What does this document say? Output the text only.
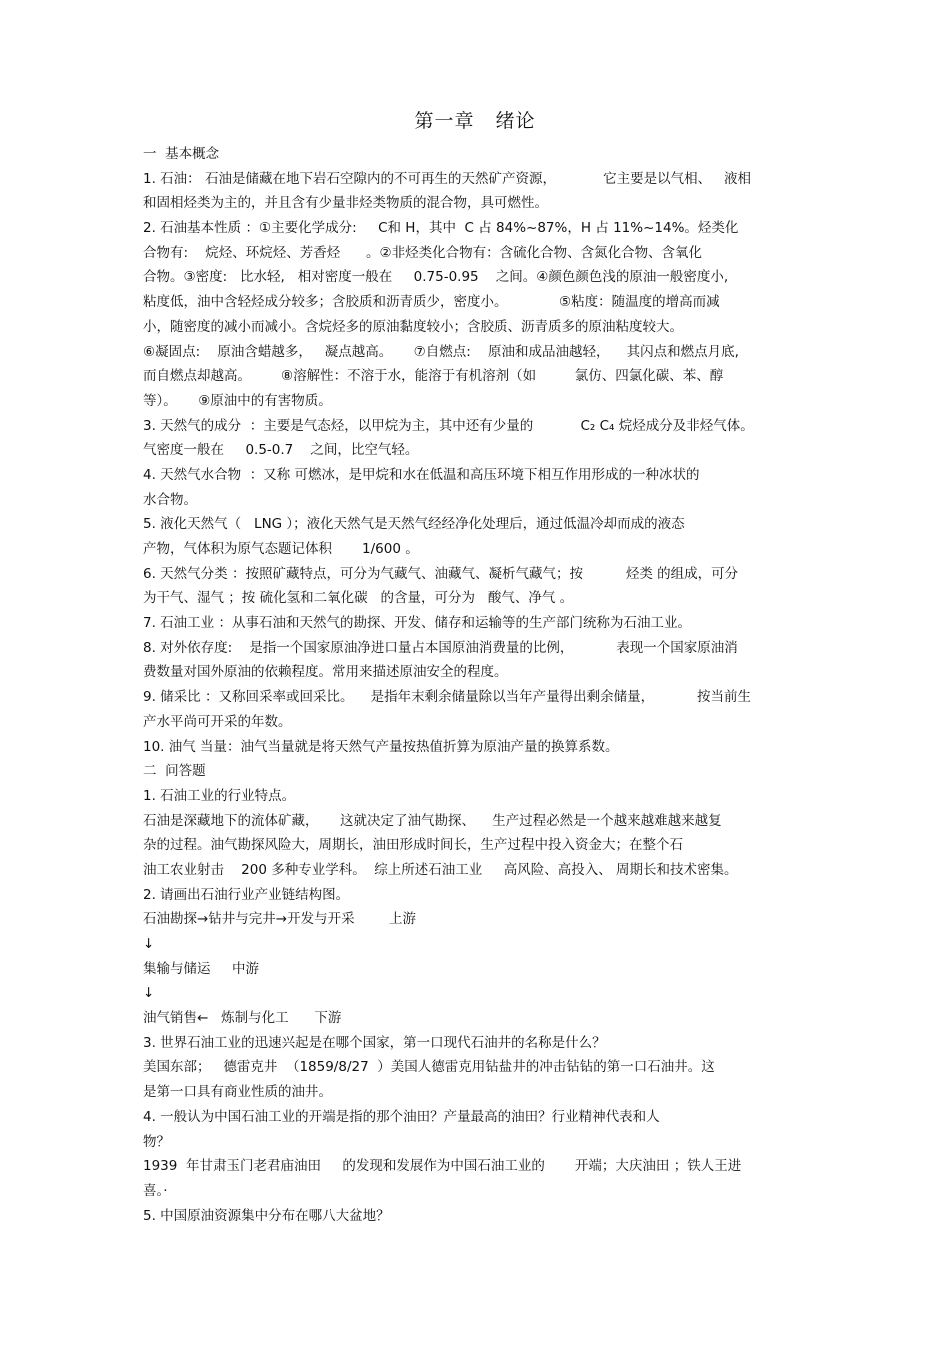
第一章   绪论
一  基本概念
1. 石油： 石油是储藏在地下岩石空隙内的不可再生的天然矿产资源，           它主要是以气相、   液相
和固相烃类为主的，并且含有少量非烃类物质的混合物，具可燃性。
2. 石油基本性质 ：①主要化学成分:     C和 H，其中  C 占 84%~87%，H 占 11%~14%。烃类化
合物有:    烷烃、环烷烃、芳香烃      。②非烃类化合物有：含硫化合物、含氮化合物、含氧化
合物。③密度:   比水轻,   相对密度一般在     0.75-0.95    之间。④颜色颜色浅的原油一般密度小,
粘度低，油中含轻烃成分较多；含胶质和沥青质少，密度小。            ⑤粘度：随温度的增高而减
小，随密度的减小而减小。含烷烃多的原油黏度较小；含胶质、沥青质多的原油粘度较大。
⑥凝固点:    原油含蜡越多，   凝点越高。     ⑦自燃点:    原油和成品油越轻，    其闪点和燃点月底,
而自燃点却越高。       ⑧溶解性：不溶于水，能溶于有机溶剂（如         氯仿、四氯化碳、苯、醇
等）。     ⑨原油中的有害物质。
3. 天然气的成分  ：主要是气态烃，以甲烷为主，其中还有少量的           C₂ C₄ 烷烃成分及非烃气体。
气密度一般在     0.5-0.7    之间，比空气轻。
4. 天然气水合物  ：又称 可燃冰，是甲烷和水在低温和高压环境下相互作用形成的一种冰状的
水合物。
5. 液化天然气（   LNG ）；液化天然气是天然气经经净化处理后，通过低温冷却而成的液态
产物，气体积为原气态题记体积       1/600 。
6. 天然气分类 ：按照矿藏特点，可分为气藏气、油藏气、凝析气藏气；按          烃类 的组成，可分
为干气、湿气 ；按 硫化氢和二氧化碳   的含量，可分为   酸气、净气 。
7. 石油工业 ：从事石油和天然气的勘探、开发、储存和运输等的生产部门统称为石油工业。
8. 对外依存度:    是指一个国家原油净进口量占本国原油消费量的比例，          表现一个国家原油消
费数量对国外原油的依赖程度。常用来描述原油安全的程度。
9. 储采比 ：又称回采率或回采比。    是指年末剩余储量除以当年产量得出剩余储量，          按当前生
产水平尚可开采的年数。
10. 油气 当量：油气当量就是将天然气产量按热值折算为原油产量的换算系数。
二  问答题
1. 石油工业的行业特点。
石油是深藏地下的流体矿藏，     这就决定了油气勘探、    生产过程必然是一个越来越难越来越复
杂的过程。油气勘探风险大，周期长，油田形成时间长，生产过程中投入资金大；在整个石
油工农业射击    200 多种专业学科。  综上所述石油工业     高风险、高投入、 周期长和技术密集。
2. 请画出石油行业产业链结构图。
石油勘探→钻井与完井→开发与开采        上游
↓
集输与储运     中游
↓
油气销售←   炼制与化工      下游
3. 世界石油工业的迅速兴起是在哪个国家，第一口现代石油井的名称是什么？
美国东部；   德雷克井  （1859/8/27  ）美国人德雷克用钻盐井的冲击钻钻的第一口石油井。这
是第一口具有商业性质的油井。
4. 一般认为中国石油工业的开端是指的那个油田？产量最高的油田？行业精神代表和人
物？
1939  年甘肃玉门老君庙油田     的发现和发展作为中国石油工业的       开端；大庆油田 ；铁人王进
喜。·
5. 中国原油资源集中分布在哪八大盆地？
